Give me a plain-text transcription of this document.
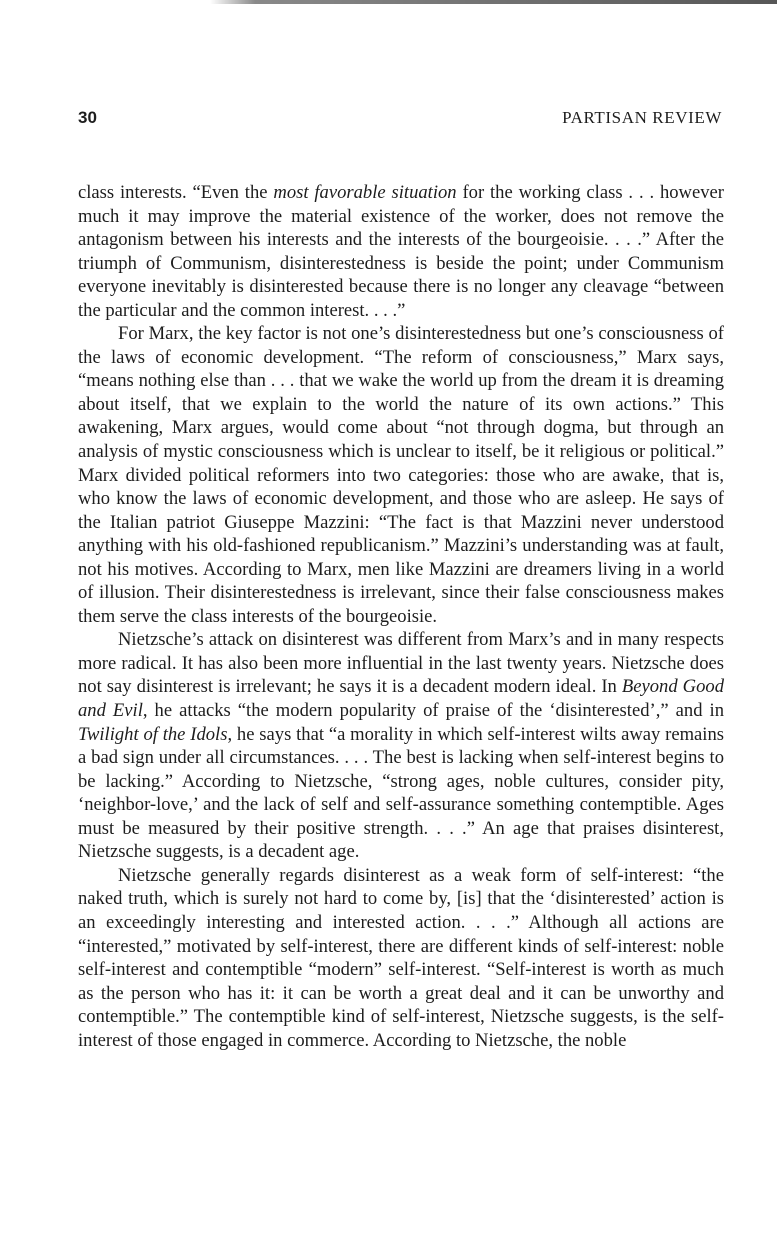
30	PARTISAN REVIEW

class interests. “Even the most favorable situation for the working class . . . however much it may improve the material existence of the worker, does not remove the antagonism between his interests and the interests of the bourgeoisie. . . .” After the triumph of Communism, disinterestedness is beside the point; under Communism everyone inevitably is disinterested because there is no longer any cleavage “between the particular and the common interest. . . .”

For Marx, the key factor is not one’s disinterestedness but one’s consciousness of the laws of economic development. “The reform of consciousness,” Marx says, “means nothing else than . . . that we wake the world up from the dream it is dreaming about itself, that we explain to the world the nature of its own actions.” This awakening, Marx argues, would come about “not through dogma, but through an analysis of mystic consciousness which is unclear to itself, be it religious or political.” Marx divided political reformers into two categories: those who are awake, that is, who know the laws of economic development, and those who are asleep. He says of the Italian patriot Giuseppe Mazzini: “The fact is that Mazzini never understood anything with his old-fashioned republicanism.” Mazzini’s understanding was at fault, not his motives. According to Marx, men like Mazzini are dreamers living in a world of illusion. Their disinterestedness is irrelevant, since their false consciousness makes them serve the class interests of the bourgeoisie.

Nietzsche’s attack on disinterest was different from Marx’s and in many respects more radical. It has also been more influential in the last twenty years. Nietzsche does not say disinterest is irrelevant; he says it is a decadent modern ideal. In Beyond Good and Evil, he attacks “the modern popularity of praise of the ‘disinterested’,” and in Twilight of the Idols, he says that “a morality in which self-interest wilts away remains a bad sign under all circumstances. . . . The best is lacking when self-interest begins to be lacking.” According to Nietzsche, “strong ages, noble cultures, consider pity, ‘neighbor-love,’ and the lack of self and self-assurance something contemptible. Ages must be measured by their positive strength. . . .” An age that praises disinterest, Nietzsche suggests, is a decadent age.

Nietzsche generally regards disinterest as a weak form of self-interest: “the naked truth, which is surely not hard to come by, [is] that the ‘disinterested’ action is an exceedingly interesting and interested action. . . .” Although all actions are “interested,” motivated by self-interest, there are different kinds of self-interest: noble self-interest and contemptible “modern” self-interest. “Self-interest is worth as much as the person who has it: it can be worth a great deal and it can be unworthy and contemptible.” The contemptible kind of self-interest, Nietzsche suggests, is the self-interest of those engaged in commerce. According to Nietzsche, the noble
